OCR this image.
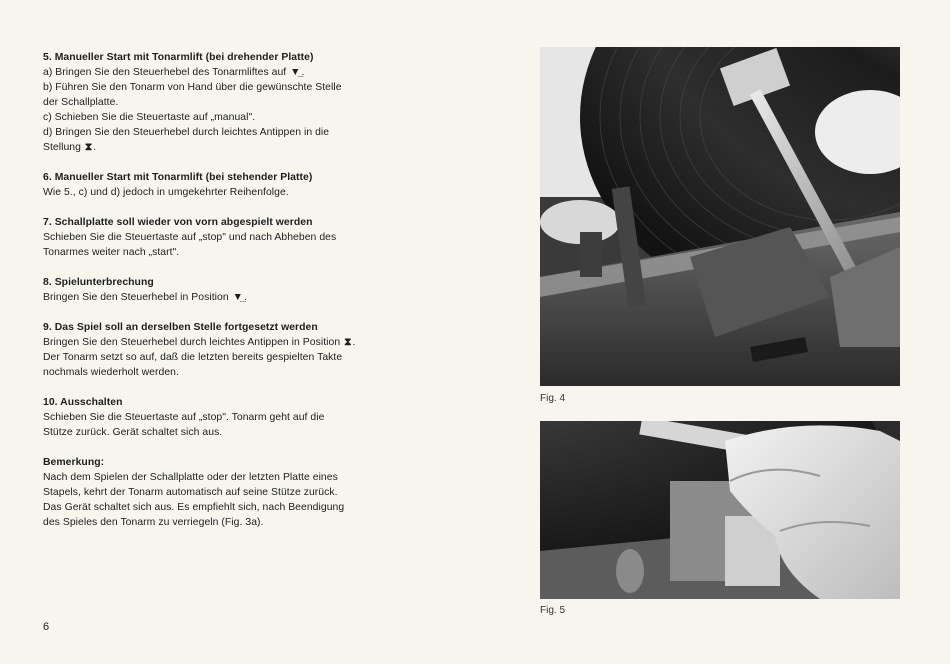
5. Manueller Start mit Tonarmlift (bei drehender Platte)

a) Bringen Sie den Steuerhebel des Tonarmliftes auf ▼̲.

b) Führen Sie den Tonarm von Hand über die gewünschte Stelle

der Schallplatte.

c) Schieben Sie die Steuertaste auf „manual".

d) Bringen Sie den Steuerhebel durch leichtes Antippen in die

Stellung ⧗.

6. Manueller Start mit Tonarmlift (bei stehender Platte)

Wie 5., c) und d) jedoch in umgekehrter Reihenfolge.

7. Schallplatte soll wieder von vorn abgespielt werden

Schieben Sie die Steuertaste auf „stop" und nach Abheben des

Tonarmes weiter nach „start".

8. Spielunterbrechung

Bringen Sie den Steuerhebel in Position ▼̲.

9. Das Spiel soll an derselben Stelle fortgesetzt werden

Bringen Sie den Steuerhebel durch leichtes Antippen in Position ⧗.

Der Tonarm setzt so auf, daß die letzten bereits gespielten Takte

nochmals wiederholt werden.

10. Ausschalten

Schieben Sie die Steuertaste auf „stop". Tonarm geht auf die

Stütze zurück. Gerät schaltet sich aus.

Bemerkung:

Nach dem Spielen der Schallplatte oder der letzten Platte eines

Stapels, kehrt der Tonarm automatisch auf seine Stütze zurück.

Das Gerät schaltet sich aus. Es empfiehlt sich, nach Beendigung

des Spieles den Tonarm zu verriegeln (Fig. 3a).

Fig. 4
Fig. 5
6
